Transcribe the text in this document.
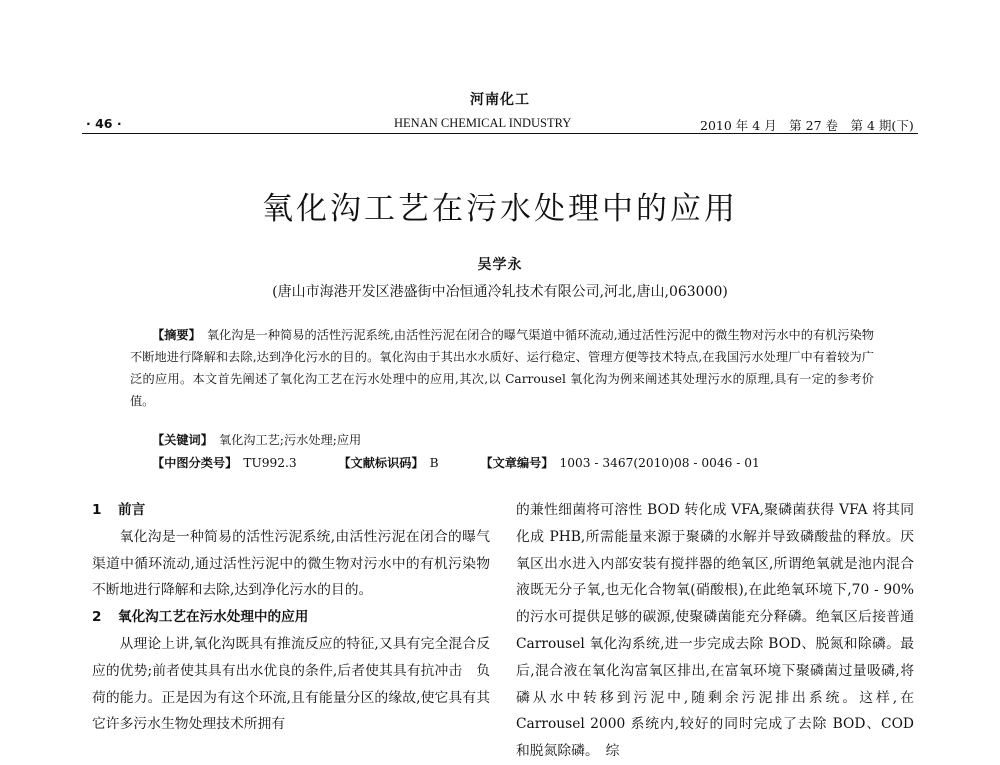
河南化工
· 46 ·	HENAN CHEMICAL INDUSTRY	2010 年 4 月　第 27 卷　第 4 期(下)
氧化沟工艺在污水处理中的应用
吴学永
(唐山市海港开发区港盛街中冶恒通冷轧技术有限公司,河北,唐山,063000)
【摘要】 氧化沟是一种简易的活性污泥系统,由活性污泥在闭合的曝气渠道中循环流动,通过活性污泥中的微生物对污水中的有机污染物不断地进行降解和去除,达到净化污水的目的。氧化沟由于其出水水质好、运行稳定、管理方便等技术特点,在我国污水处理厂中有着较为广泛的应用。本文首先阐述了氧化沟工艺在污水处理中的应用,其次,以 Carrousel 氧化沟为例来阐述其处理污水的原理,具有一定的参考价值。
【关键词】 氧化沟工艺;污水处理;应用
【中图分类号】 TU992.3	【文献标识码】 B	【文章编号】 1003 - 3467(2010)08 - 0046 - 01
1 前言

氧化沟是一种简易的活性污泥系统,由活性污泥在闭合的曝气渠道中循环流动,通过活性污泥中的微生物对污水中的有机污染物不断地进行降解和去除,达到净化污水的目的。

2 氧化沟工艺在污水处理中的应用

从理论上讲,氧化沟既具有推流反应的特征,又具有完全混合反应的优势;前者使其具有出水优良的条件,后者使其具有抗冲击　负荷的能力。正是因为有这个环流,且有能量分区的缘故,使它具有其它许多污水生物处理技术所拥有

的兼性细菌将可溶性 BOD 转化成 VFA,聚磷菌获得 VFA 将其同化成 PHB,所需能量来源于聚磷的水解并导致磷酸盐的释放。厌氧区出水进入内部安装有搅拌器的绝氧区,所谓绝氧就是池内混合液既无分子氧,也无化合物氧(硝酸根),在此绝氧环境下,70 - 90% 的污水可提供足够的碳源,使聚磷菌能充分释磷。绝氧区后接普通 Carrousel 氧化沟系统,进一步完成去除 BOD、脱氮和除磷。最后,混合液在氧化沟富氧区排出,在富氧环境下聚磷菌过量吸磷,将磷从水中转移到污泥中,随剩余污泥排出系统。这样,在 Carrousel 2000 系统内,较好的同时完成了去除 BOD、COD 和脱氮除磷。　综
